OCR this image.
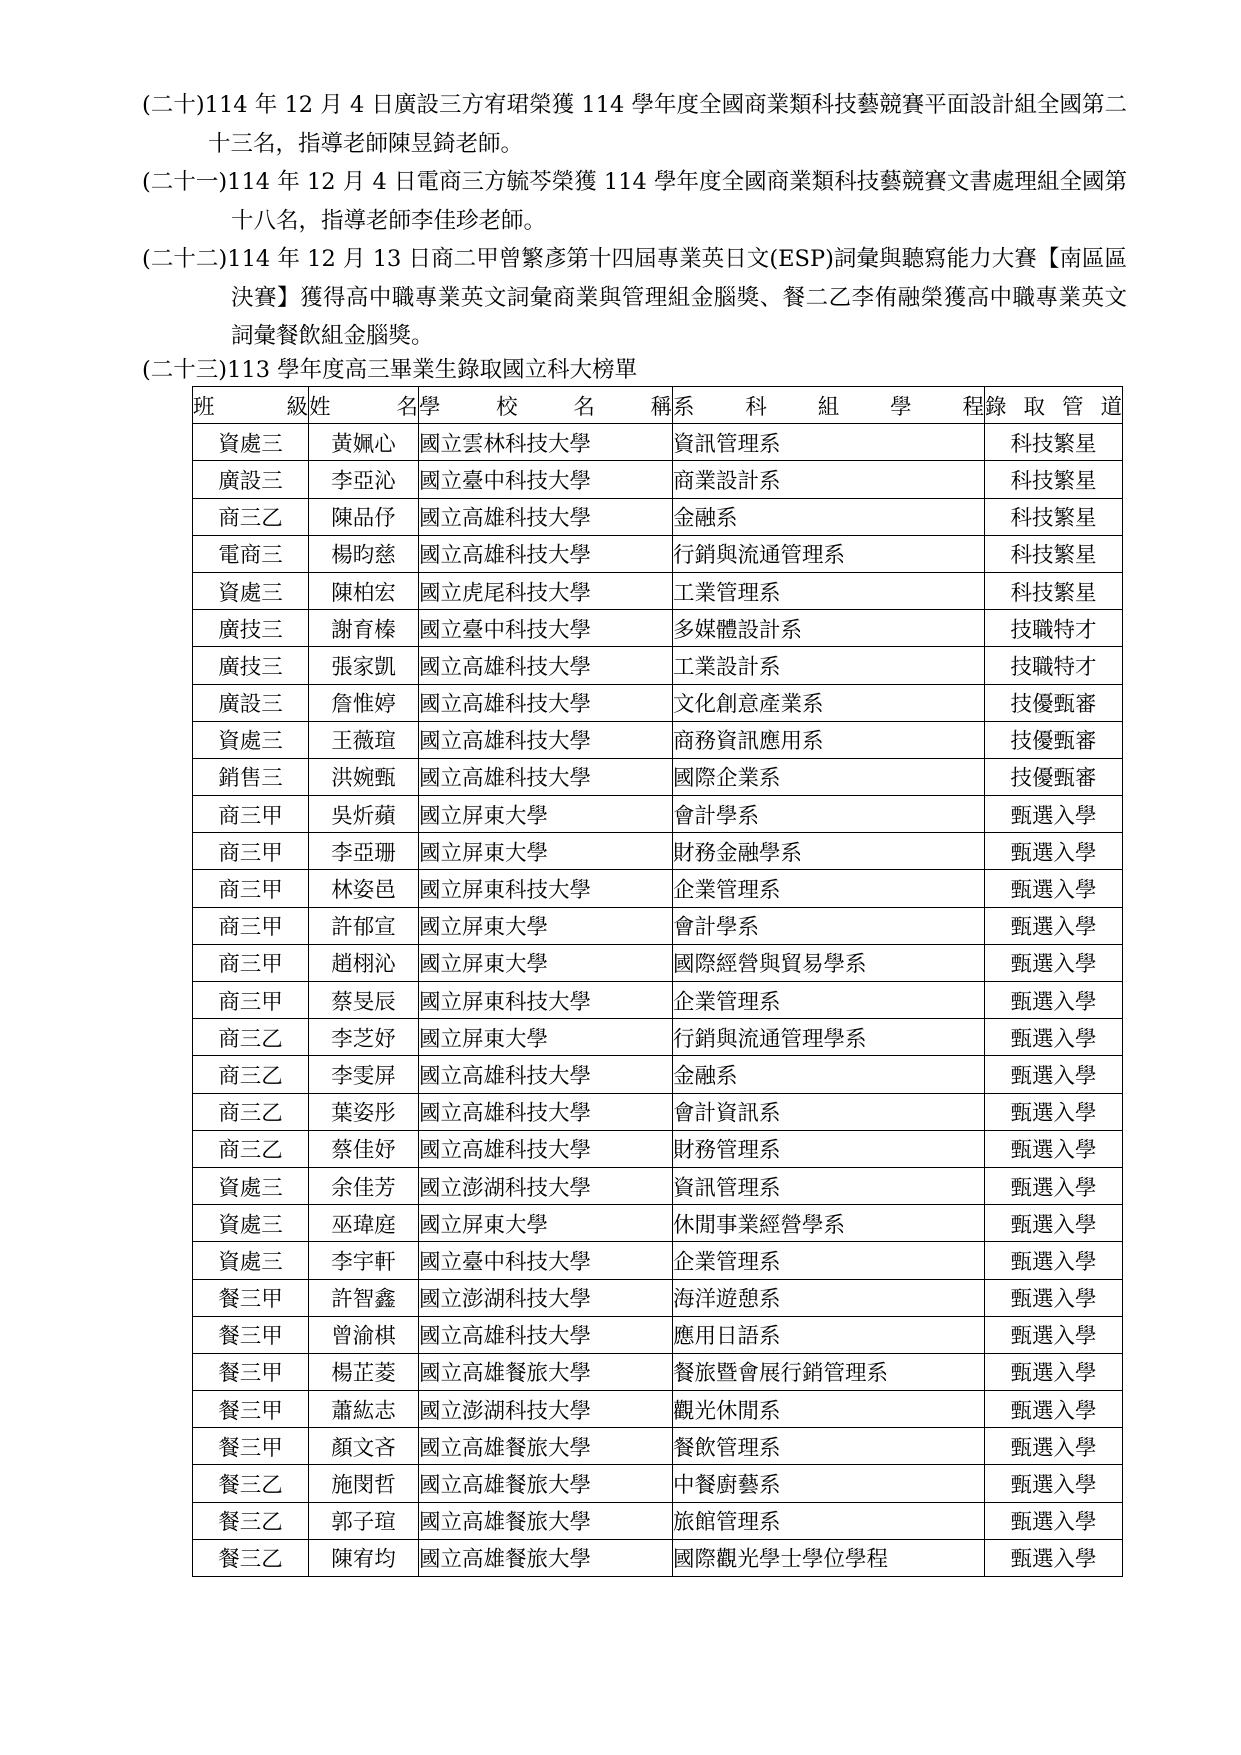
(二十)114 年 12 月 4 日廣設三方宥珺榮獲 114 學年度全國商業類科技藝競賽平面設計組全國第二十三名，指導老師陳昱錡老師。
(二十一)114 年 12 月 4 日電商三方毓芩榮獲 114 學年度全國商業類科技藝競賽文書處理組全國第十八名，指導老師李佳珍老師。
(二十二)114 年 12 月 13 日商二甲曾繁彥第十四屆專業英日文(ESP)詞彙與聽寫能力大賽【南區區決賽】獲得高中職專業英文詞彙商業與管理組金腦獎、餐二乙李侑融榮獲高中職專業英文詞彙餐飲組金腦獎。
(二十三)113 學年度高三畢業生錄取國立科大榜單
班級	姓名	學校名稱	系科組學程	錄取管道
資處三	黃姵心	國立雲林科技大學	資訊管理系	科技繁星
廣設三	李亞沁	國立臺中科技大學	商業設計系	科技繁星
商三乙	陳品伃	國立高雄科技大學	金融系	科技繁星
電商三	楊昀慈	國立高雄科技大學	行銷與流通管理系	科技繁星
資處三	陳柏宏	國立虎尾科技大學	工業管理系	科技繁星
廣技三	謝育榛	國立臺中科技大學	多媒體設計系	技職特才
廣技三	張家凱	國立高雄科技大學	工業設計系	技職特才
廣設三	詹惟婷	國立高雄科技大學	文化創意產業系	技優甄審
資處三	王薇瑄	國立高雄科技大學	商務資訊應用系	技優甄審
銷售三	洪婉甄	國立高雄科技大學	國際企業系	技優甄審
商三甲	吳炘蘋	國立屏東大學	會計學系	甄選入學
商三甲	李亞珊	國立屏東大學	財務金融學系	甄選入學
商三甲	林姿邑	國立屏東科技大學	企業管理系	甄選入學
商三甲	許郁宣	國立屏東大學	會計學系	甄選入學
商三甲	趙栩沁	國立屏東大學	國際經營與貿易學系	甄選入學
商三甲	蔡旻辰	國立屏東科技大學	企業管理系	甄選入學
商三乙	李芝妤	國立屏東大學	行銷與流通管理學系	甄選入學
商三乙	李雯屏	國立高雄科技大學	金融系	甄選入學
商三乙	葉姿彤	國立高雄科技大學	會計資訊系	甄選入學
商三乙	蔡佳妤	國立高雄科技大學	財務管理系	甄選入學
資處三	余佳芳	國立澎湖科技大學	資訊管理系	甄選入學
資處三	巫瑋庭	國立屏東大學	休閒事業經營學系	甄選入學
資處三	李宇軒	國立臺中科技大學	企業管理系	甄選入學
餐三甲	許智鑫	國立澎湖科技大學	海洋遊憩系	甄選入學
餐三甲	曾渝棋	國立高雄科技大學	應用日語系	甄選入學
餐三甲	楊芷菱	國立高雄餐旅大學	餐旅暨會展行銷管理系	甄選入學
餐三甲	蕭紘志	國立澎湖科技大學	觀光休閒系	甄選入學
餐三甲	顏文吝	國立高雄餐旅大學	餐飲管理系	甄選入學
餐三乙	施閔哲	國立高雄餐旅大學	中餐廚藝系	甄選入學
餐三乙	郭子瑄	國立高雄餐旅大學	旅館管理系	甄選入學
餐三乙	陳宥均	國立高雄餐旅大學	國際觀光學士學位學程	甄選入學
